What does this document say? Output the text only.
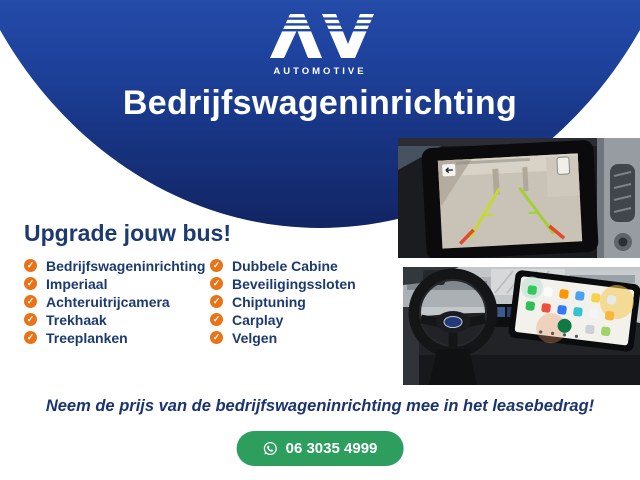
AUTOMOTIVE
Bedrijfswageninrichting
Upgrade jouw bus!
✓ Bedrijfswageninrichting
✓ Imperiaal
✓ Achteruitrijcamera
✓ Trekhaak
✓ Treeplanken
✓ Dubbele Cabine
✓ Beveiligingssloten
✓ Chiptuning
✓ Carplay
✓ Velgen
Neem de prijs van de bedrijfswageninrichting mee in het leasebedrag!
06 3035 4999
